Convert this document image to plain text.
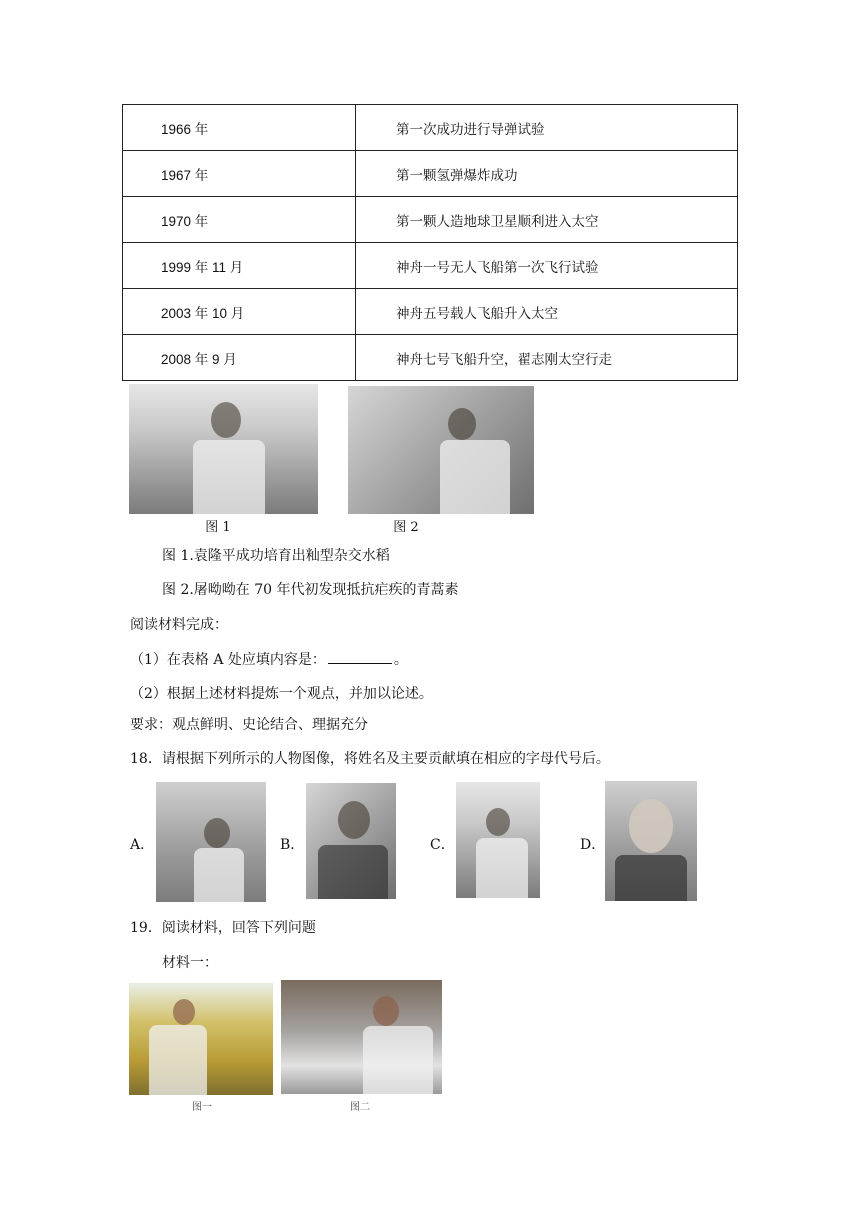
1966 年	第一次成功进行导弹试验
1967 年	第一颗氢弹爆炸成功
1970 年	第一颗人造地球卫星顺利进入太空
1999 年 11 月	神舟一号无人飞船第一次飞行试验
2003 年 10 月	神舟五号载人飞船升入太空
2008 年 9 月	神舟七号飞船升空，翟志刚太空行走
图 1	图 2
图 1.袁隆平成功培育出籼型杂交水稻
图 2.屠呦呦在 70 年代初发现抵抗疟疾的青蒿素
阅读材料完成：
（1）在表格 A 处应填内容是：	。
（2）根据上述材料提炼一个观点，并加以论述。
要求：观点鲜明、史论结合、理据充分
18．请根据下列所示的人物图像，将姓名及主要贡献填在相应的字母代号后。
A．	B．	C．	D．
19．阅读材料，回答下列问题
材料一：
图一	图二
